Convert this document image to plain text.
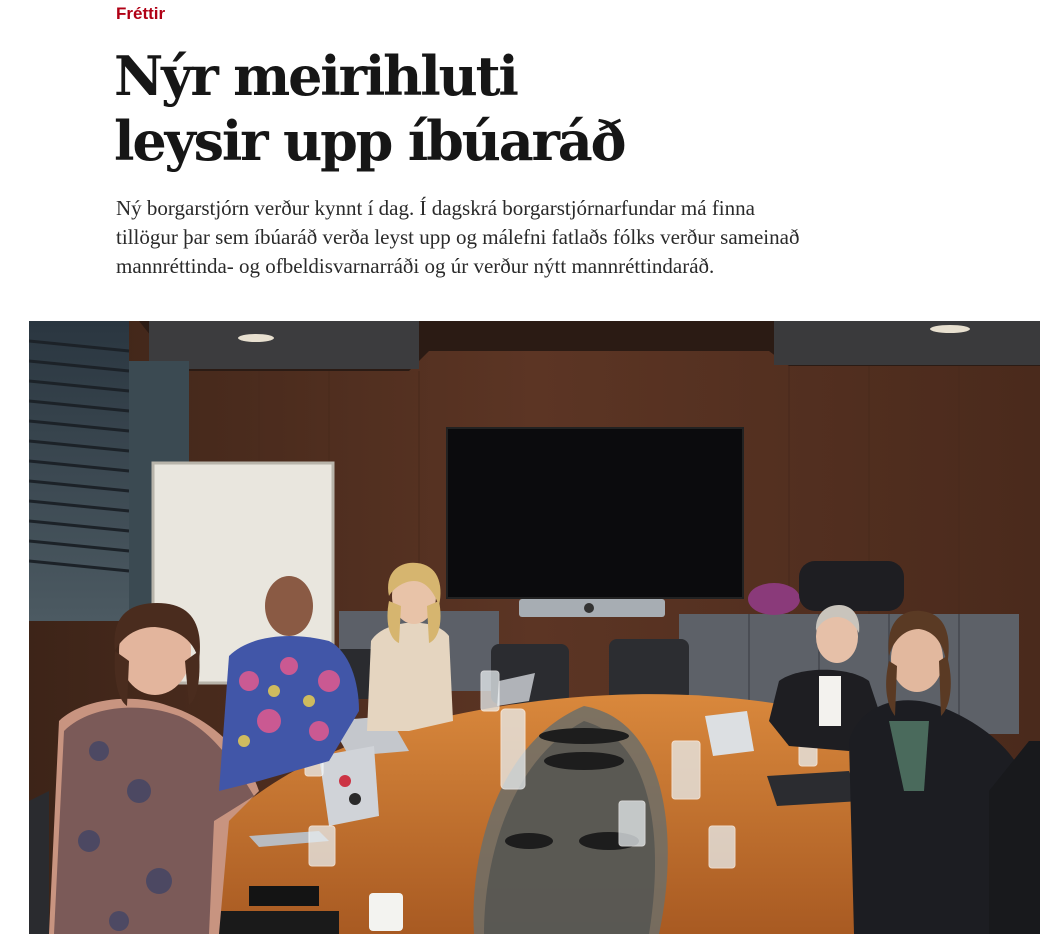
Fréttir
Nýr meirihluti
leysir upp íbúaráð

Ný borgarstjórn verður kynnt í dag. Í dagskrá borgarstjórnarfundar má finna
tillögur þar sem íbúaráð verða leyst upp og málefni fatlaðs fólks verður sameinað
mannréttinda- og ofbeldisvarnarráði og úr verður nýtt mannréttindaráð.
